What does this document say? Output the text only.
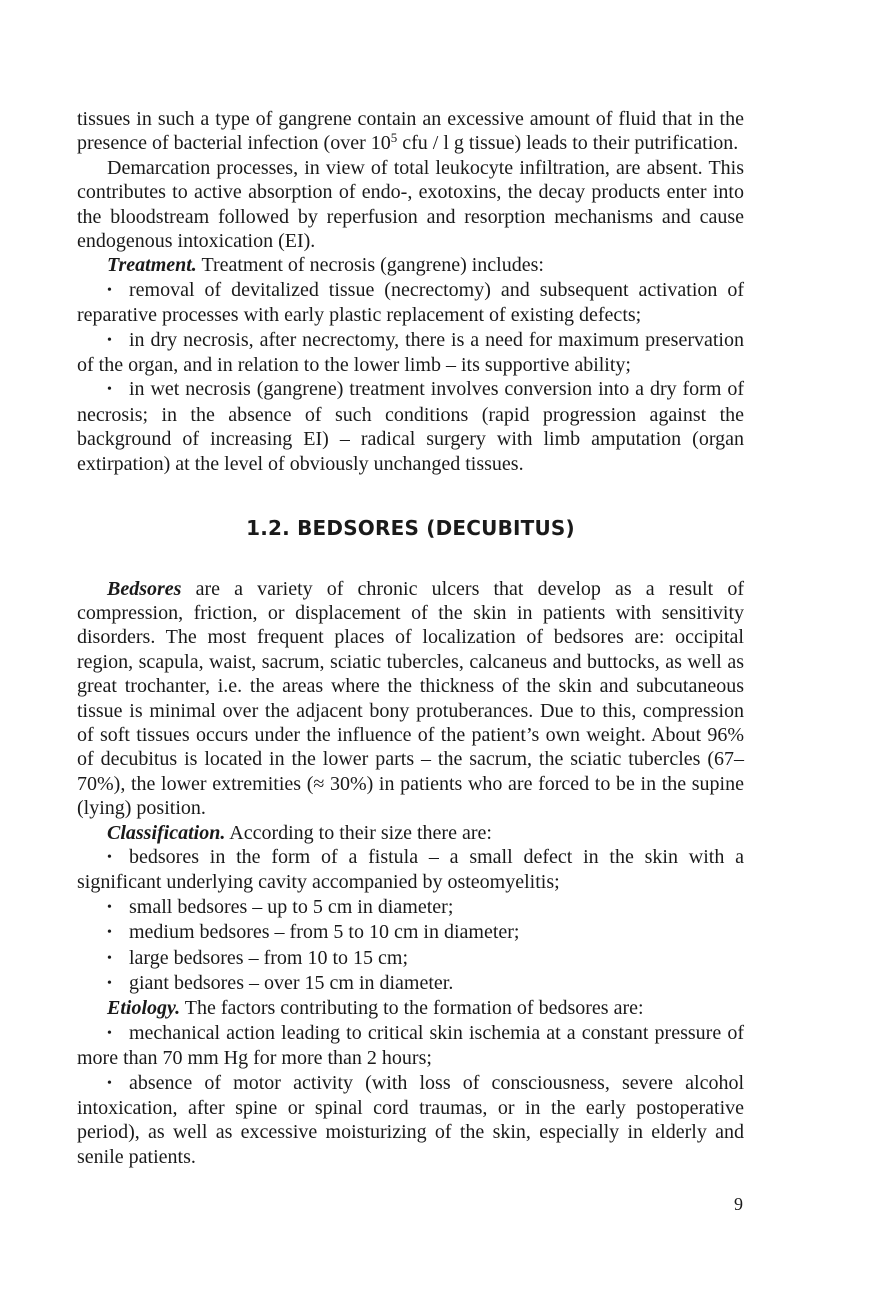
tissues in such a type of gangrene contain an excessive amount of fluid that in the presence of bacterial infection (over $10^5$ cfu / l g tissue) leads to their putrification.

Demarcation processes, in view of total leukocyte infiltration, are absent. This contributes to active absorption of endo-, exotoxins, the decay products enter into the bloodstream followed by reperfusion and resorption mechanisms and cause endogenous intoxication (EI).

Treatment. Treatment of necrosis (gangrene) includes:

• removal of devitalized tissue (necrectomy) and subsequent activation of reparative processes with early plastic replacement of existing defects;

• in dry necrosis, after necrectomy, there is a need for maximum preservation of the organ, and in relation to the lower limb – its supportive ability;

• in wet necrosis (gangrene) treatment involves conversion into a dry form of necrosis; in the absence of such conditions (rapid progression against the background of increasing EI) – radical surgery with limb amputation (organ extirpation) at the level of obviously unchanged tissues.

1.2. BEDSORES (DECUBITUS)

Bedsores are a variety of chronic ulcers that develop as a result of compression, friction, or displacement of the skin in patients with sensitivity disorders. The most frequent places of localization of bedsores are: occipital region, scapula, waist, sacrum, sciatic tubercles, calcaneus and buttocks, as well as great trochanter, i.e. the areas where the thickness of the skin and subcutaneous tissue is minimal over the adjacent bony protuberances. Due to this, compression of soft tissues occurs under the influence of the patient’s own weight. About 96% of decubitus is located in the lower parts – the sacrum, the sciatic tubercles (67–70%), the lower extremities (≈ 30%) in patients who are forced to be in the supine (lying) position.

Classification. According to their size there are:

• bedsores in the form of a fistula – a small defect in the skin with a significant underlying cavity accompanied by osteomyelitis;

• small bedsores – up to 5 cm in diameter;

• medium bedsores – from 5 to 10 cm in diameter;

• large bedsores – from 10 to 15 cm;

• giant bedsores – over 15 cm in diameter.

Etiology. The factors contributing to the formation of bedsores are:

• mechanical action leading to critical skin ischemia at a constant pressure of more than 70 mm Hg for more than 2 hours;

• absence of motor activity (with loss of consciousness, severe alcohol intoxication, after spine or spinal cord traumas, or in the early postoperative period), as well as excessive moisturizing of the skin, especially in elderly and senile patients.

9
